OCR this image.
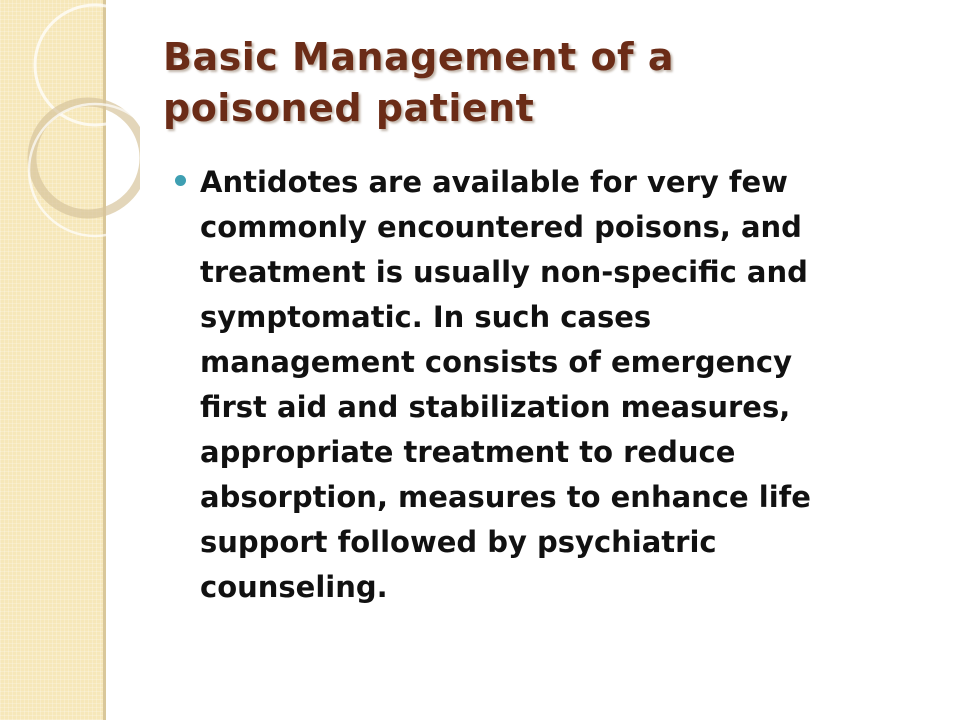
Basic Management of a
poisoned patient
Antidotes are available for very few
commonly encountered poisons, and
treatment is usually non-specific and
symptomatic. In such cases
management consists of emergency
first aid and stabilization measures,
appropriate treatment to reduce
absorption, measures to enhance life
support followed by psychiatric
counseling.
